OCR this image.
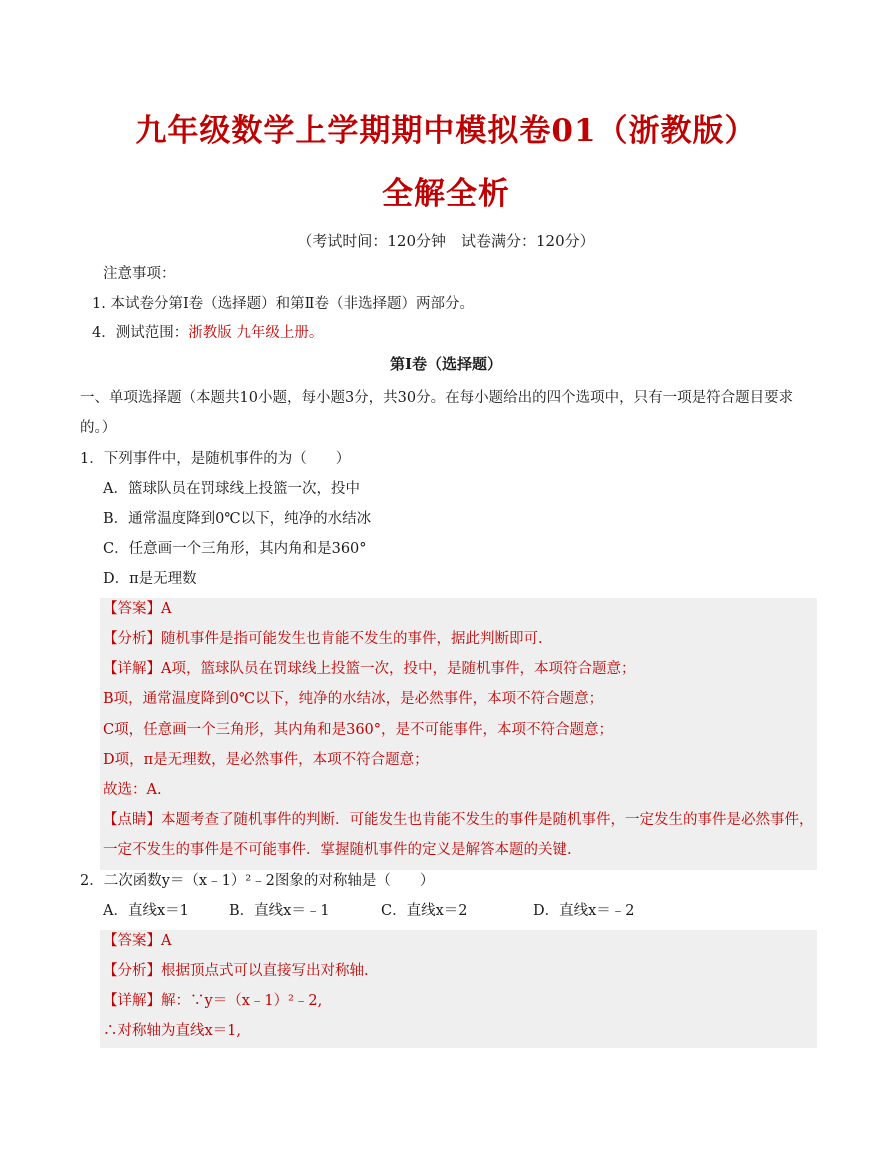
九年级数学上学期期中模拟卷01（浙教版）
全解全析
（考试时间：120分钟　试卷满分：120分）
注意事项：
1. 本试卷分第Ⅰ卷（选择题）和第Ⅱ卷（非选择题）两部分。
4．测试范围：浙教版 九年级上册。
第Ⅰ卷（选择题）
一、单项选择题（本题共10小题，每小题3分，共30分。在每小题给出的四个选项中，只有一项是符合题目要求的。）
1．下列事件中，是随机事件的为（　　）
A．篮球队员在罚球线上投篮一次，投中
B．通常温度降到0℃以下，纯净的水结冰
C．任意画一个三角形，其内角和是360°
D．π是无理数
【答案】A
【分析】随机事件是指可能发生也肯能不发生的事件，据此判断即可.
【详解】A项，篮球队员在罚球线上投篮一次，投中，是随机事件，本项符合题意；
B项，通常温度降到0℃以下，纯净的水结冰，是必然事件，本项不符合题意；
C项，任意画一个三角形，其内角和是360°，是不可能事件，本项不符合题意；
D项，π是无理数，是必然事件，本项不符合题意；
故选：A.
【点睛】本题考查了随机事件的判断．可能发生也肯能不发生的事件是随机事件，一定发生的事件是必然事件，一定不发生的事件是不可能事件．掌握随机事件的定义是解答本题的关键.
2．二次函数y＝（x﹣1）²﹣2图象的对称轴是（　　）
A．直线x＝1	B．直线x＝﹣1	C．直线x＝2	D．直线x＝﹣2
【答案】A
【分析】根据顶点式可以直接写出对称轴.
【详解】解：∵y＝（x﹣1）²﹣2,
∴对称轴为直线x＝1,
